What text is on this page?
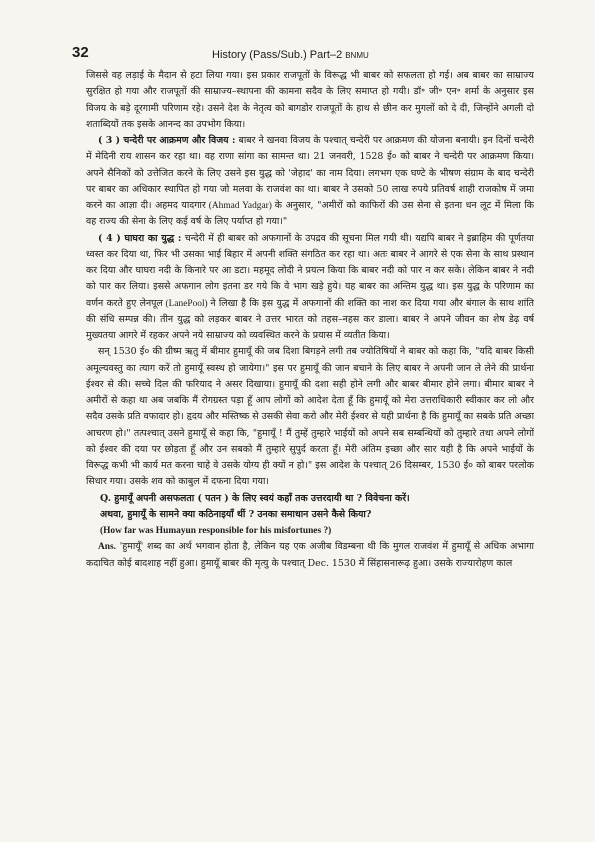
32	History (Pass/Sub.) Part–2 BNMU

जिससे वह लड़ाई के मैदान से हटा लिया गया। इस प्रकार राजपूतों के विरूद्ध भी बाबर को सफलता हो गई। अब बाबर का साम्राज्य सुरक्षित हो गया और राजपूतों की साम्राज्य–स्थापना की कामना सदैव के लिए समाप्त हो गयी। डॉ॰ जी॰ एन॰ शर्मा के अनुसार इस विजय के बड़े दूरगामी परिणाम रहे। उसने देश के नेतृत्व को बागडोर राजपूतों के हाथ से छीन कर मुगलों को दे दी, जिन्होंने अगली दो शताब्दियों तक इसके आनन्द का उपभोग किया।

( 3 ) चन्देरी पर आक्रमण और विजय : बाबर ने खनवा विजय के पश्चात् चन्देरी पर आक्रमण की योजना बनायी। इन दिनों चन्देरी में मेदिनी राय शासन कर रहा था। वह राणा सांगा का सामन्त था। 21 जनवरी, 1528 ई० को बाबर ने चन्देरी पर आक्रमण किया। अपने सैनिकों को उत्तेजित करने के लिए उसने इस युद्ध को 'जेहाद' का नाम दिया। लगभग एक घण्टे के भीषण संग्राम के बाद चन्देरी पर बाबर का अधिकार स्थापित हो गया जो मलवा के राजवंश का था। बाबर ने उसको 50 लाख रुपये प्रतिवर्ष शाही राजकोष में जमा करने का आज्ञा दी। अहमद यादगार (Ahmad Yadgar) के अनुसार, "अमीरों को काफिरों की उस सेना से इतना धन लूट में मिला कि वह राज्य की सेना के लिए कई वर्ष के लिए पर्याप्त हो गया।"

( 4 ) घाघरा का युद्ध : चन्देरी में ही बाबर को अफगानों के उपद्रव की सूचना मिल गयी थी। यद्यपि बाबर ने इब्राहिम की पूर्णतया ध्वस्त कर दिया था, फिर भी उसका भाई बिहार में अपनी शक्ति संगठित कर रहा था। अतः बाबर ने आगरे से एक सेना के साथ प्रस्थान कर दिया और घाघरा नदी के किनारे पर आ डटा। महमूद लोदी ने प्रयत्न किया कि बाबर नदी को पार न कर सके। लेकिन बाबर ने नदी को पार कर लिया। इससे अफगान लोग इतना डर गये कि वे भाग खड़े हुये। यह बाबर का अन्तिम युद्ध था। इस युद्ध के परिणाम का वर्णन करते हुए लेनपूल (LanePool) ने लिखा है कि इस युद्ध में अफगानों की शक्ति का नाश कर दिया गया और बंगाल के साथ शांति की संधि सम्पन्न की। तीन युद्ध को लड़कर बाबर ने उत्तर भारत को तहस–नहस कर डाला। बाबर ने अपने जीवन का शेष डेढ़ वर्ष मुख्यतया आगरे में रहकर अपने नये साम्राज्य को व्यवस्थित करने के प्रयास में व्यतीत किया।

सन् 1530 ई० की ग्रीष्म ऋतु में बीमार हुमायूँ की जब दिशा बिगड़ने लगी तब ज्योतिषियों ने बाबर को कहा कि, "यदि बाबर किसी अमूल्यवस्तु का त्याग करें तो हुमायूँ स्वस्थ हो जायेगा।" इस पर हुमायूँ की जान बचाने के लिए बाबर ने अपनी जान ले लेने की प्रार्थना ईश्वर से की। सच्चे दिल की फरियाद ने असर दिखाया। हुमायूँ की दशा सही होने लगी और बाबर बीमार होने लगा। बीमार बाबर ने अमीरों से कहा था अब जबकि मैं रोगग्रस्त पड़ा हूँ आप लोगों को आदेश देता हूँ कि हुमायूँ को मेरा उत्तराधिकारी स्वीकार कर लो और सदैव उसके प्रति वफादार हो। हृदय और मस्तिष्क से उसकी सेवा करो और मेरी ईश्वर से यही प्रार्थना है कि हुमायूँ का सबके प्रति अच्छा आचरण हो।" तत्पश्चात् उसने हुमायूँ से कहा कि, "हुमायूँ ! मैं तुम्हें तुम्हारे भाईयों को अपने सब सम्बन्धियों को तुम्हारे तथा अपने लोगों को ईश्वर की दया पर छोड़ता हूँ और उन सबको मैं तुम्हारे सुपुर्द करता हूँ। मेरी अंतिम इच्छा और सार यही है कि अपने भाईयों के विरूद्ध कभी भी कार्य मत करना चाहे वे उसके योग्य ही क्यों न हो।" इस आदेश के पश्चात् 26 दिसम्बर, 1530 ई० को बाबर परलोक सिधार गया। उसके शव को काबुल में दफना दिया गया।

Q. हुमायूँ अपनी असफलता ( पतन ) के लिए स्वयं कहाँ तक उत्तरदायी था ? विवेचना करें।

अथवा, हुमायूँ के सामने क्या कठिनाइयाँ थीं ? उनका समाधान उसने कैसे किया?

(How far was Humayun responsible for his misfortunes ?)

Ans. 'हुमायूँ' शब्द का अर्थ भगवान होता है, लेकिन यह एक अजीब विडम्बना थी कि मुगल राजवंश में हुमायूँ से अधिक अभागा कदाचित कोई बादशाह नहीं हुआ। हुमायूँ बाबर की मृत्यु के पश्चात् Dec. 1530 में सिंहासनारूढ़ हुआ। उसके राज्यारोहण काल
